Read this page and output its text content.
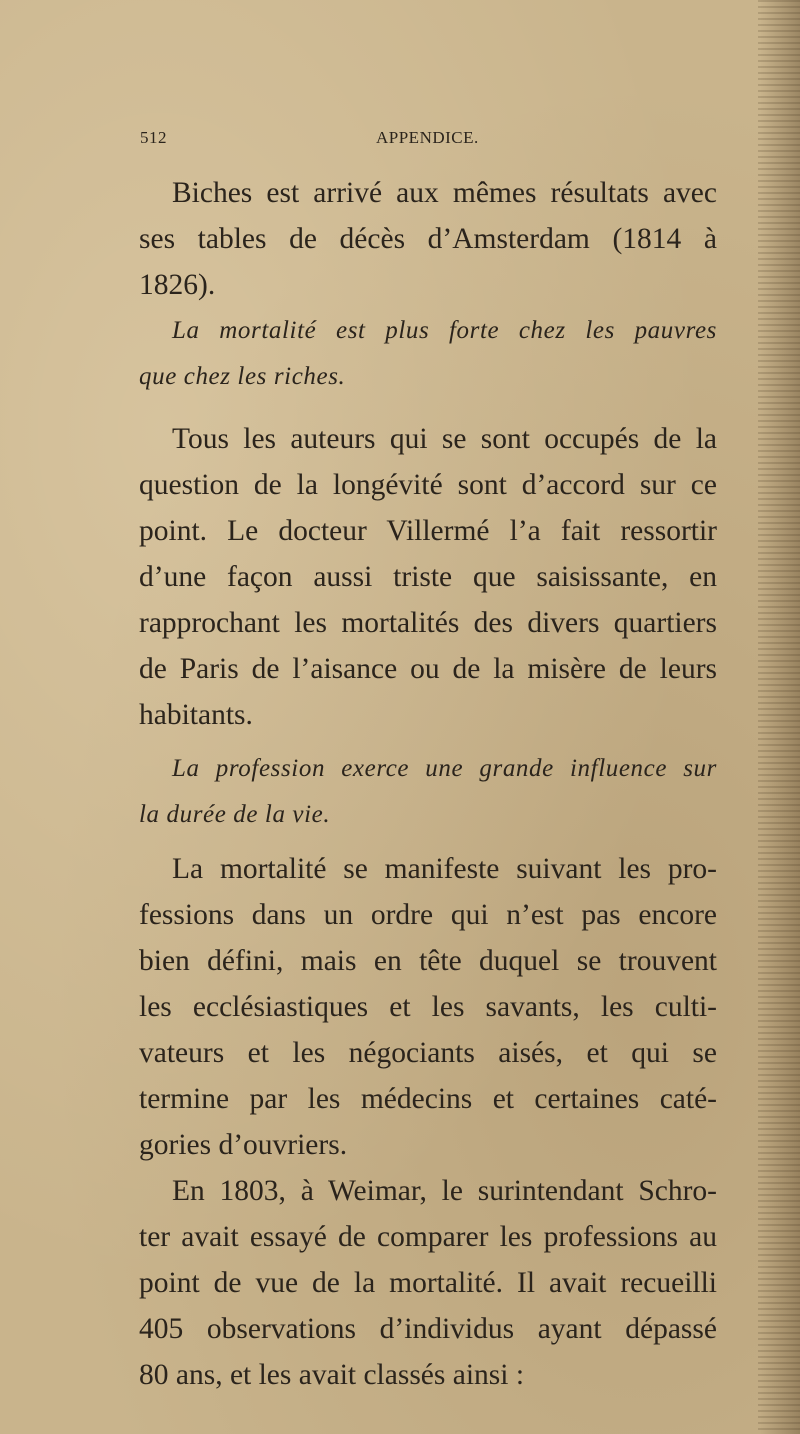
512	APPENDICE.
Biches est arrivé aux mêmes résultats avec
ses tables de décès d’Amsterdam (1814 à
1826).
La mortalité est plus forte chez les pauvres
que chez les riches.
Tous les auteurs qui se sont occupés de la
question de la longévité sont d’accord sur ce
point. Le docteur Villermé l’a fait ressortir
d’une façon aussi triste que saisissante, en
rapprochant les mortalités des divers quartiers
de Paris de l’aisance ou de la misère de leurs
habitants.
La profession exerce une grande influence sur
la durée de la vie.
La mortalité se manifeste suivant les pro-
fessions dans un ordre qui n’est pas encore
bien défini, mais en tête duquel se trouvent
les ecclésiastiques et les savants, les culti-
vateurs et les négociants aisés, et qui se
termine par les médecins et certaines caté-
gories d’ouvriers.
En 1803, à Weimar, le surintendant Schro-
ter avait essayé de comparer les professions au
point de vue de la mortalité. Il avait recueilli
405 observations d’individus ayant dépassé
80 ans, et les avait classés ainsi :
